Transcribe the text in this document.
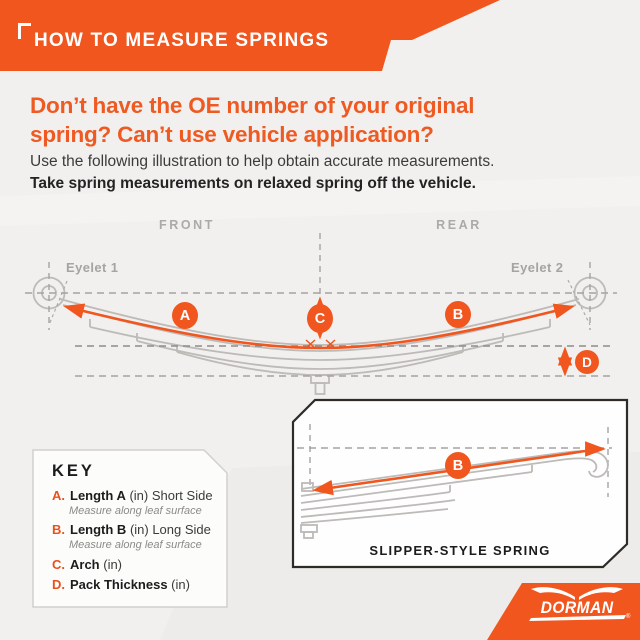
HOW TO MEASURE SPRINGS
Don’t have the OE number of your original
spring? Can’t use vehicle application?
Use the following illustration to help obtain accurate measurements.
Take spring measurements on relaxed spring off the vehicle.
FRONT	REAR
Eyelet 1	Eyelet 2
A	B
C
D
B
SLIPPER-STYLE SPRING
KEY
A. Length A (in) Short Side
Measure along leaf surface
B. Length B (in) Long Side
Measure along leaf surface
C. Arch (in)
D. Pack Thickness (in)
DORMAN	®
